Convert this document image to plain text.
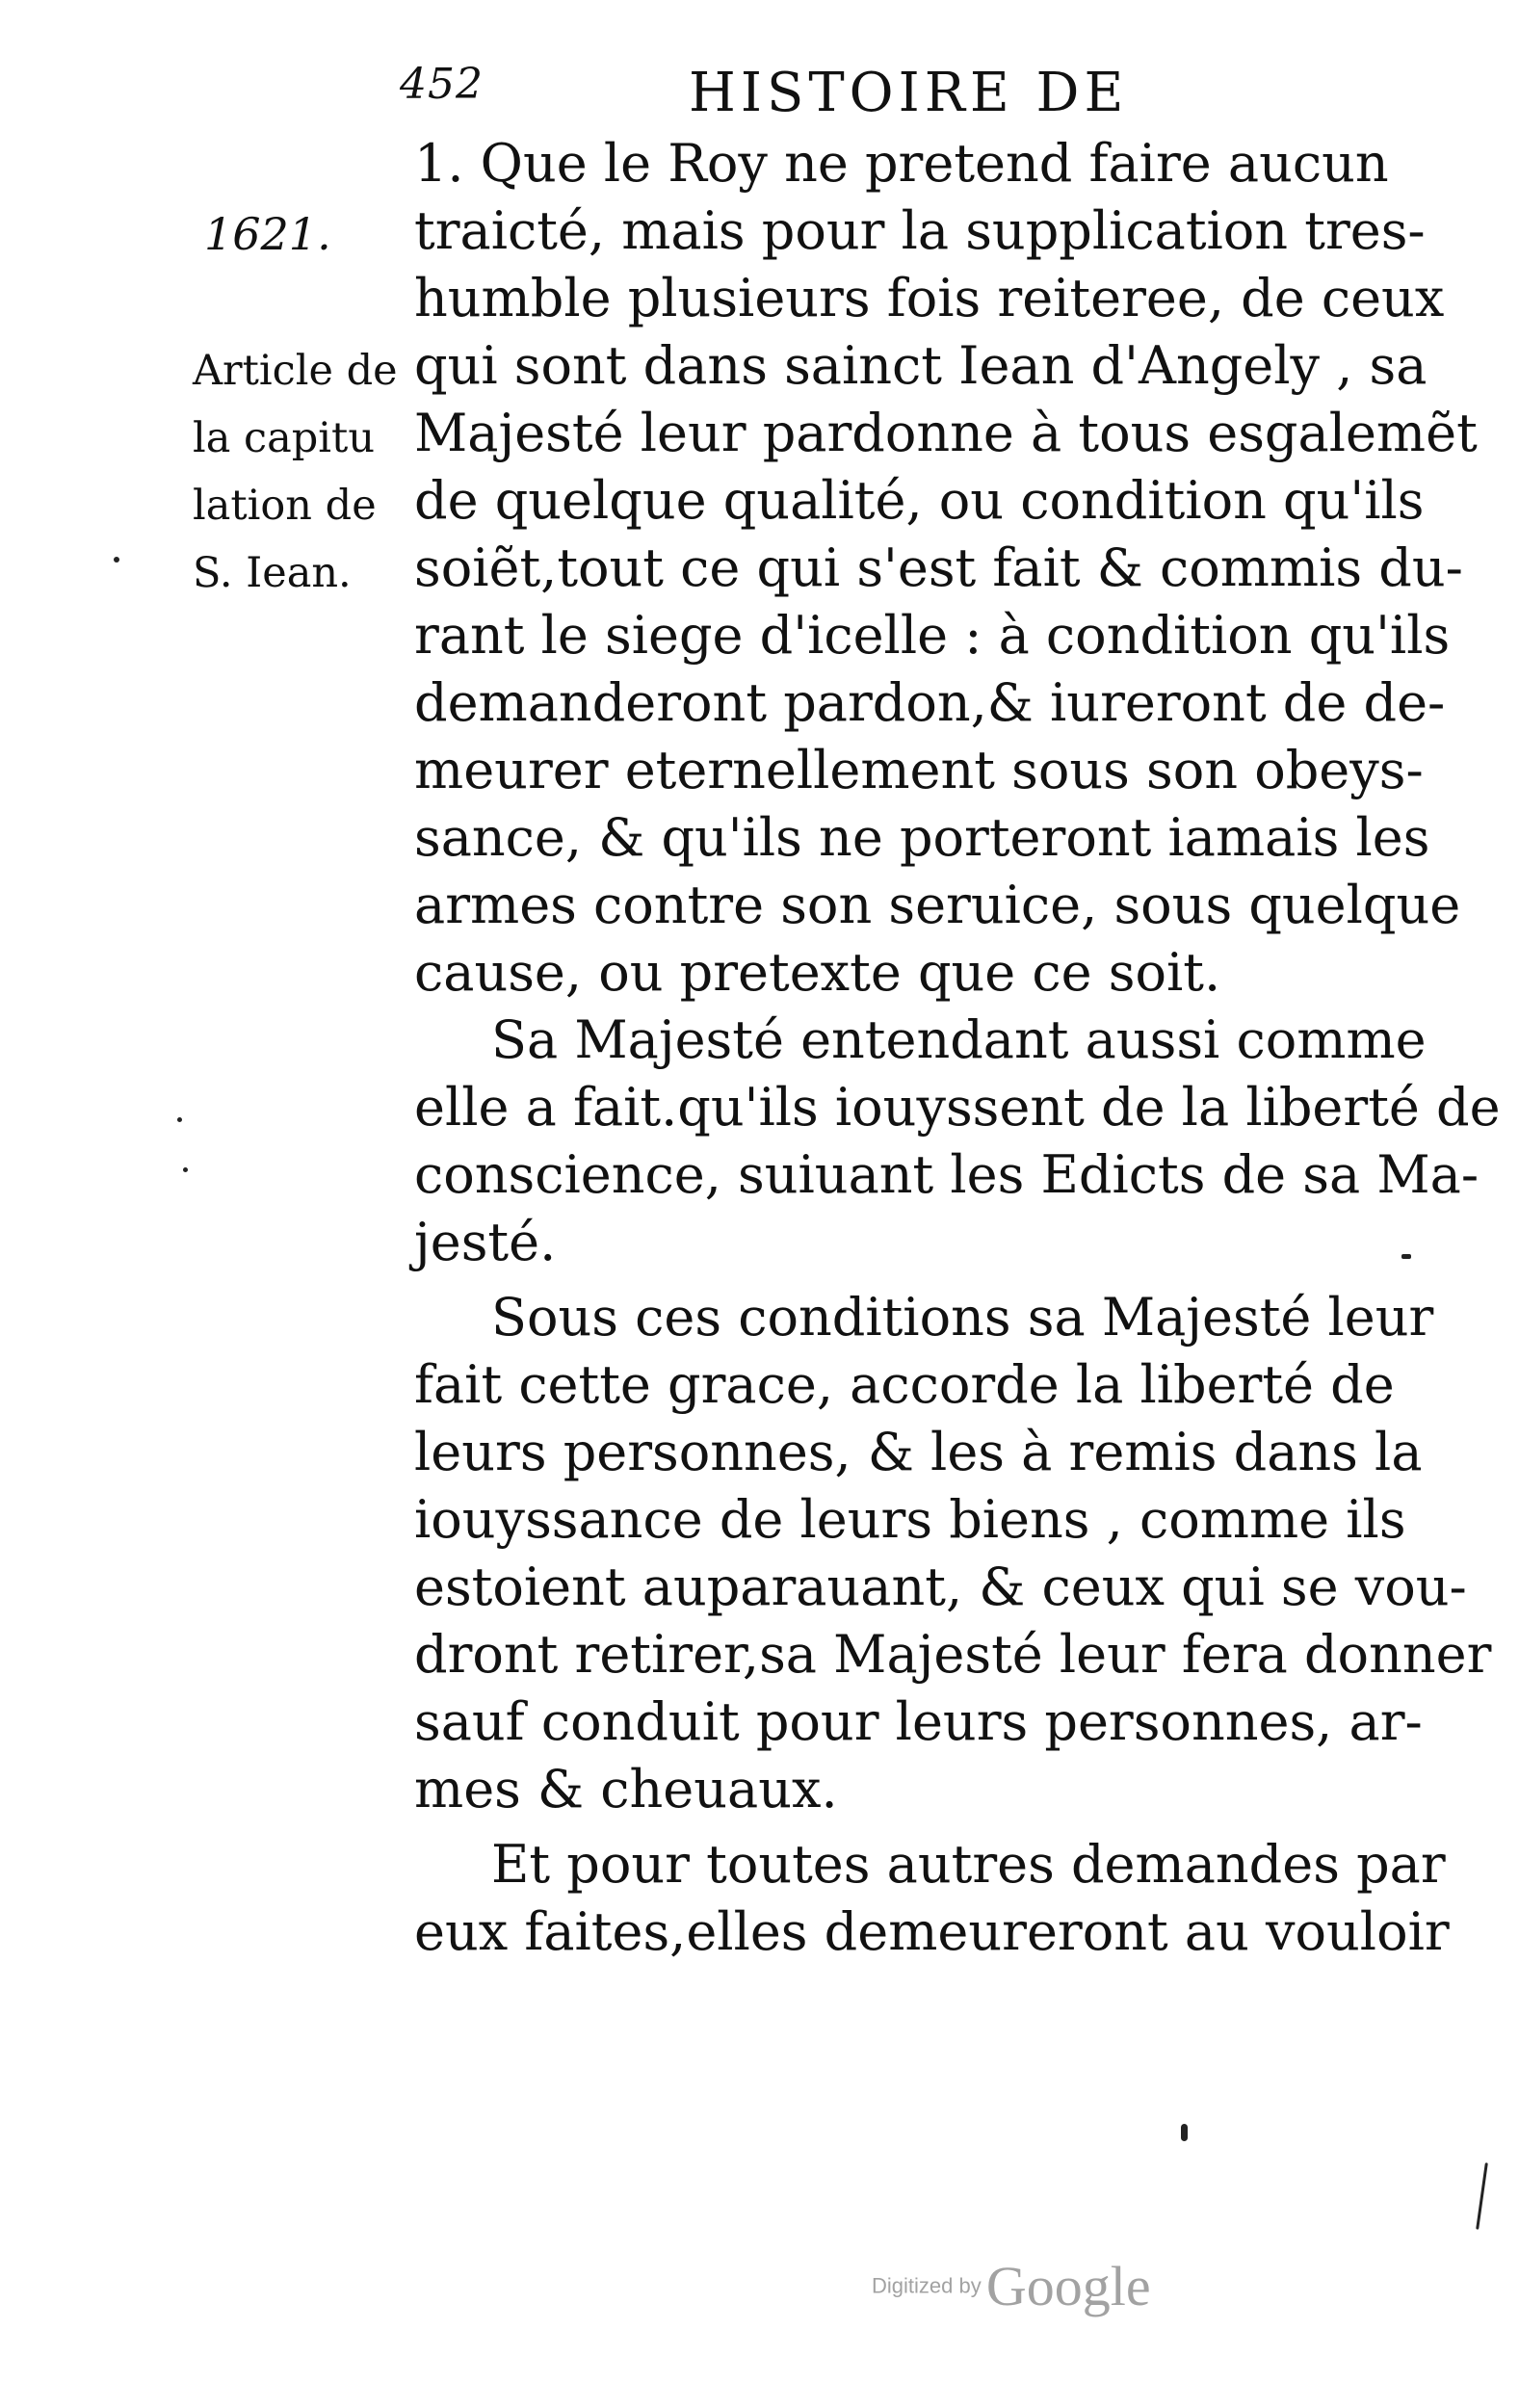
452	HISTOIRE DE
1621.
Article de
la capitu
lation de
S. Iean.
1. Que le Roy ne pretend faire aucun
traicté, mais pour la supplication tres-
humble plusieurs fois reiteree, de ceux
qui sont dans sainct Iean d'Angely , sa
Majesté leur pardonne à tous esgalemẽt
de quelque qualité, ou condition qu'ils
soiẽt,tout ce qui s'est fait & commis du-
rant le siege d'icelle : à condition qu'ils
demanderont pardon,& iureront de de-
meurer eternellement sous son obeys-
sance, & qu'ils ne porteront iamais les
armes contre son seruice, sous quelque
cause, ou pretexte que ce soit.
Sa Majesté entendant aussi comme
elle a fait.qu'ils iouyssent de la liberté de
conscience, suiuant les Edicts de sa Ma-
jesté.
Sous ces conditions sa Majesté leur
fait cette grace, accorde la liberté de
leurs personnes, & les à remis dans la
iouyssance de leurs biens , comme ils
estoient auparauant, & ceux qui se vou-
dront retirer,sa Majesté leur fera donner
sauf conduit pour leurs personnes, ar-
mes & cheuaux.
Et pour toutes autres demandes par
eux faites,elles demeureront au vouloir
Digitized by Google
